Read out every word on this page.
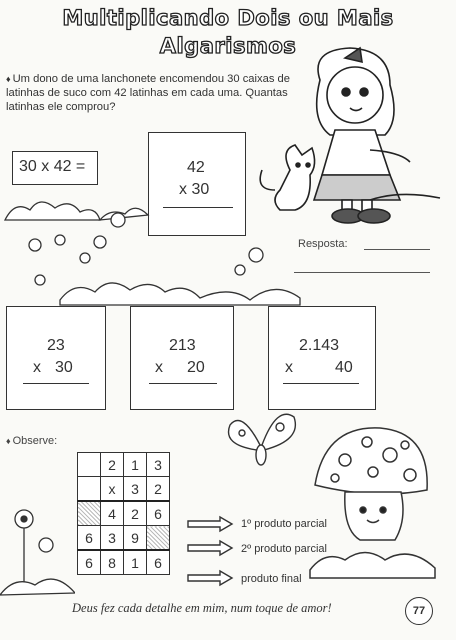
Multiplicando Dois ou Mais
Algarismos
♦ Um dono de uma lanchonete encomendou 30 caixas de latinhas de suco com 42 latinhas em cada uma. Quantas latinhas ele comprou?
30 x 42 =	42
x 30
Resposta:
23
x 30
213
x 20
2.143
x	40
♦ Observe:
	2	1	3
	x	3	2
	4	2	6
6	3	9	
6	8	1	6
1º produto parcial
2º produto parcial
produto final
Deus fez cada detalhe em mim, num toque de amor!	77
